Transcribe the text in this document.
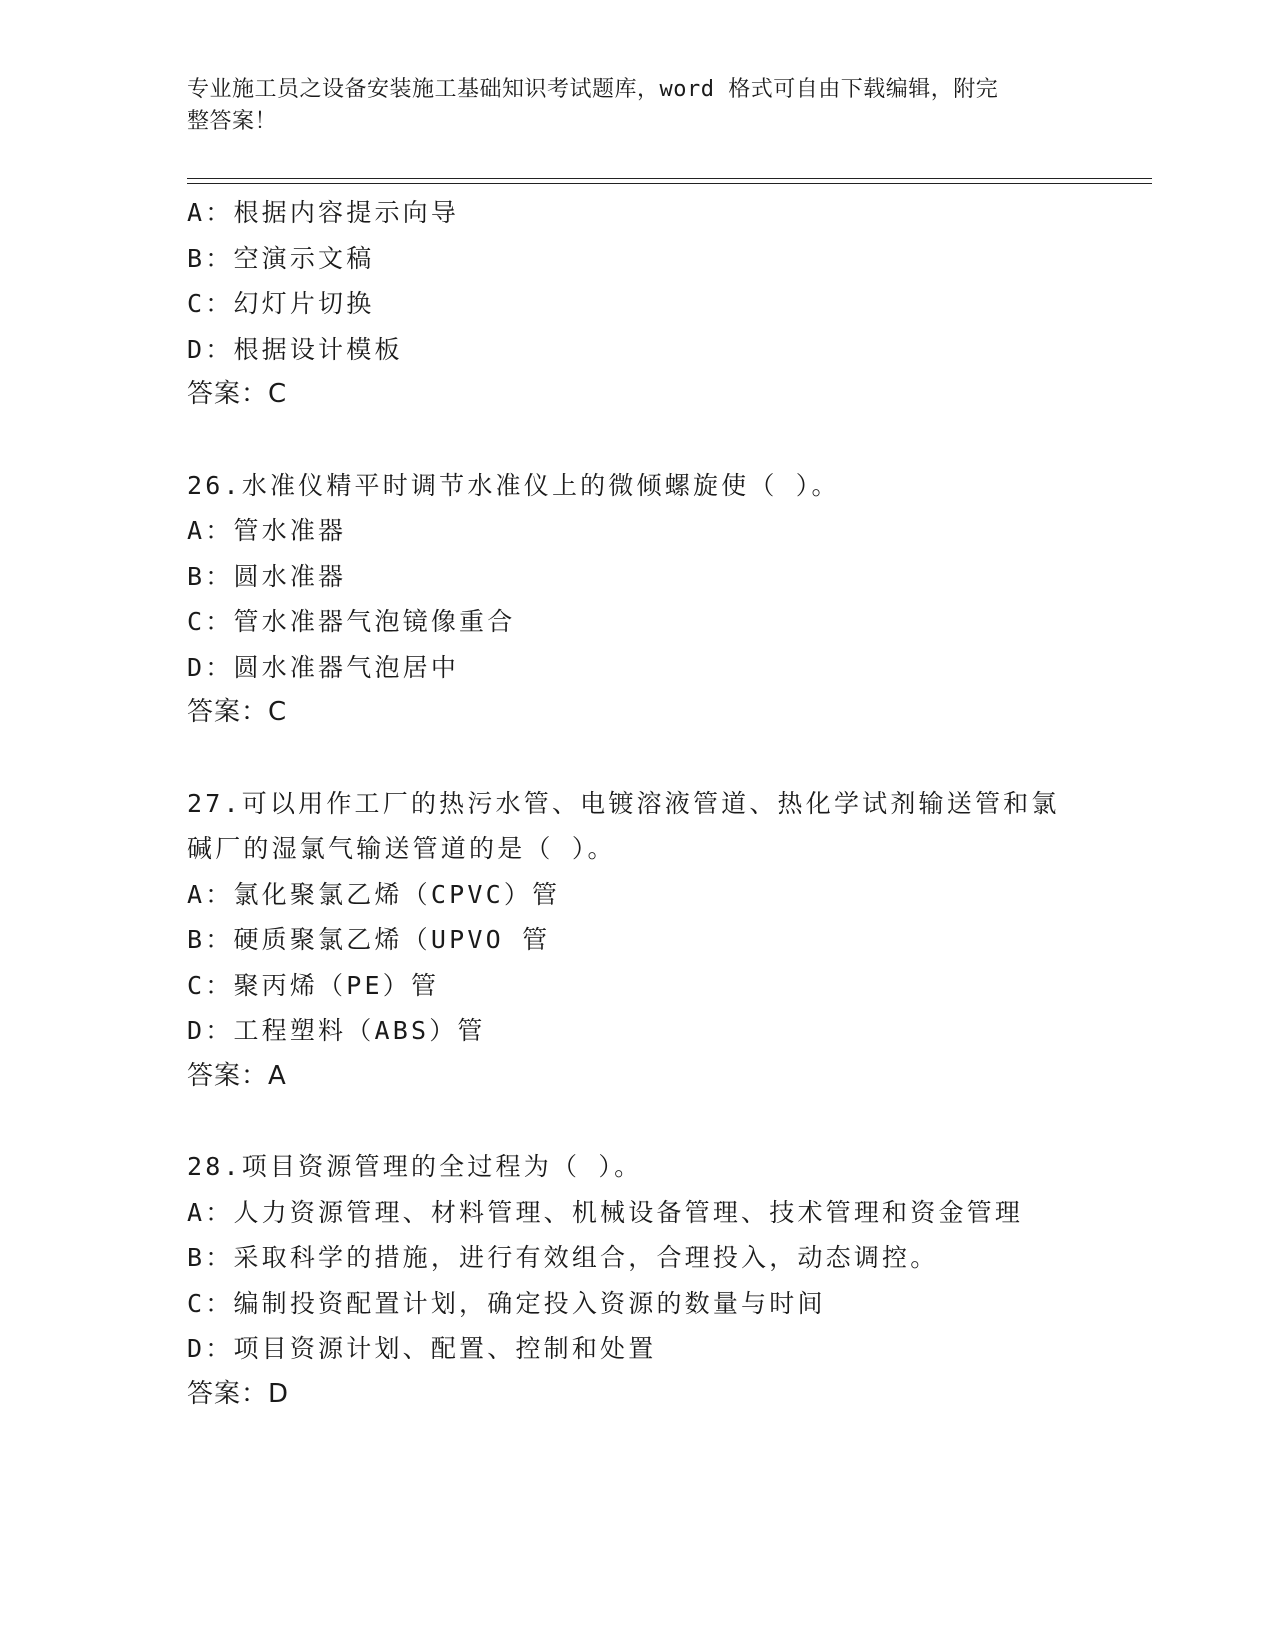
专业施工员之设备安装施工基础知识考试题库，word 格式可自由下载编辑，附完
整答案！
A：根据内容提示向导
B：空演示文稿
C：幻灯片切换
D：根据设计模板
答案：C
26.水准仪精平时调节水准仪上的微倾螺旋使（ ）。
A：管水准器
B：圆水准器
C：管水准器气泡镜像重合
D：圆水准器气泡居中
答案：C
27.可以用作工厂的热污水管、电镀溶液管道、热化学试剂输送管和氯
碱厂的湿氯气输送管道的是（ ）。
A：氯化聚氯乙烯（CPVC）管
B：硬质聚氯乙烯（UPVO 管
C：聚丙烯（PE）管
D：工程塑料（ABS）管
答案：A
28.项目资源管理的全过程为（ ）。
A：人力资源管理、材料管理、机械设备管理、技术管理和资金管理
B：采取科学的措施，进行有效组合，合理投入，动态调控。
C：编制投资配置计划，确定投入资源的数量与时间
D：项目资源计划、配置、控制和处置
答案：D
